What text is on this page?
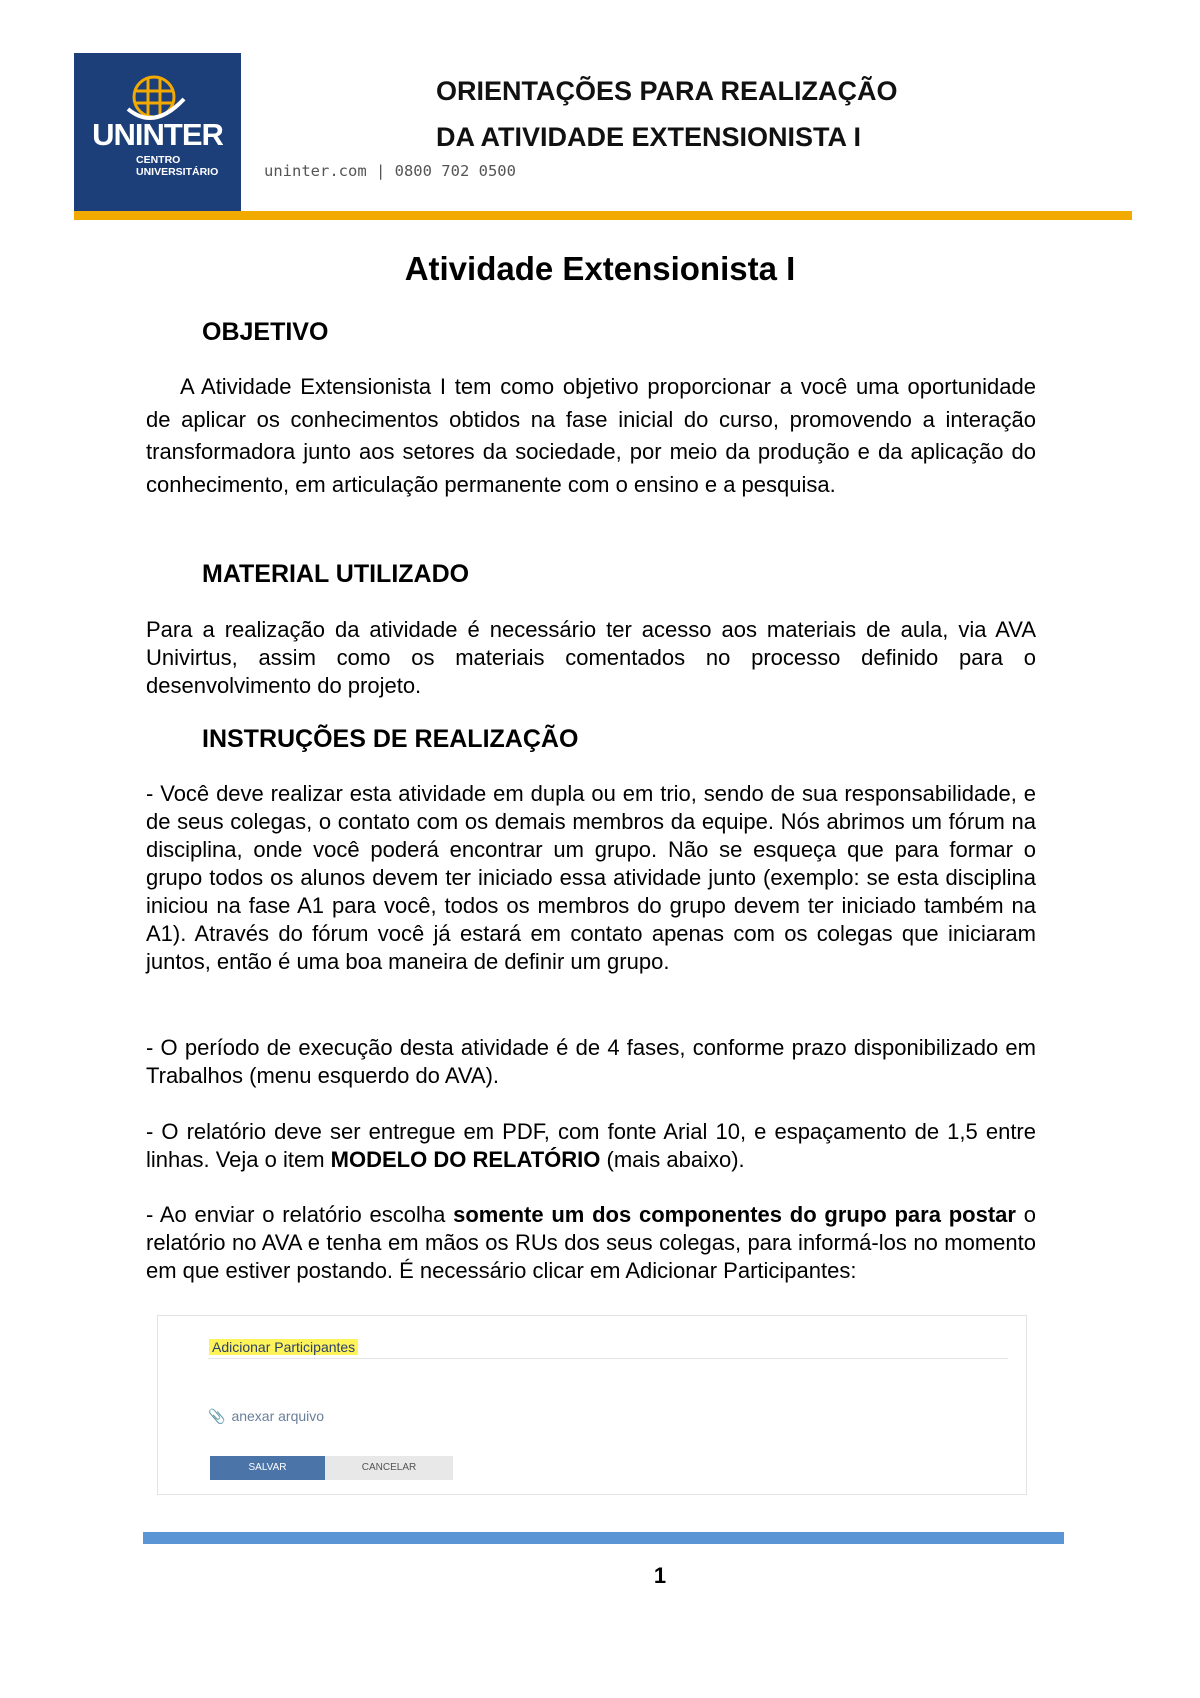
UNINTER
CENTRO
UNIVERSITÁRIO	uninter.com | 0800 702 0500
ORIENTAÇÕES PARA REALIZAÇÃO
DA ATIVIDADE EXTENSIONISTA I
Atividade Extensionista I
OBJETIVO
A Atividade Extensionista I tem como objetivo proporcionar a você uma oportunidade de aplicar os conhecimentos obtidos na fase inicial do curso, promovendo a interação transformadora junto aos setores da sociedade, por meio da produção e da aplicação do conhecimento, em articulação permanente com o ensino e a pesquisa.
MATERIAL UTILIZADO
Para a realização da atividade é necessário ter acesso aos materiais de aula, via AVA Univirtus, assim como os materiais comentados no processo definido para o desenvolvimento do projeto.
INSTRUÇÕES DE REALIZAÇÃO
- Você deve realizar esta atividade em dupla ou em trio, sendo de sua responsabilidade, e de seus colegas, o contato com os demais membros da equipe. Nós abrimos um fórum na disciplina, onde você poderá encontrar um grupo. Não se esqueça que para formar o grupo todos os alunos devem ter iniciado essa atividade junto (exemplo: se esta disciplina iniciou na fase A1 para você, todos os membros do grupo devem ter iniciado também na A1). Através do fórum você já estará em contato apenas com os colegas que iniciaram juntos, então é uma boa maneira de definir um grupo.
- O período de execução desta atividade é de 4 fases, conforme prazo disponibilizado em Trabalhos (menu esquerdo do AVA).
- O relatório deve ser entregue em PDF, com fonte Arial 10, e espaçamento de 1,5 entre linhas. Veja o item MODELO DO RELATÓRIO (mais abaixo).
- Ao enviar o relatório escolha somente um dos componentes do grupo para postar o relatório no AVA e tenha em mãos os RUs dos seus colegas, para informá-los no momento em que estiver postando. É necessário clicar em Adicionar Participantes:
Adicionar Participantes
📎 anexar arquivo
SALVAR	CANCELAR
1
